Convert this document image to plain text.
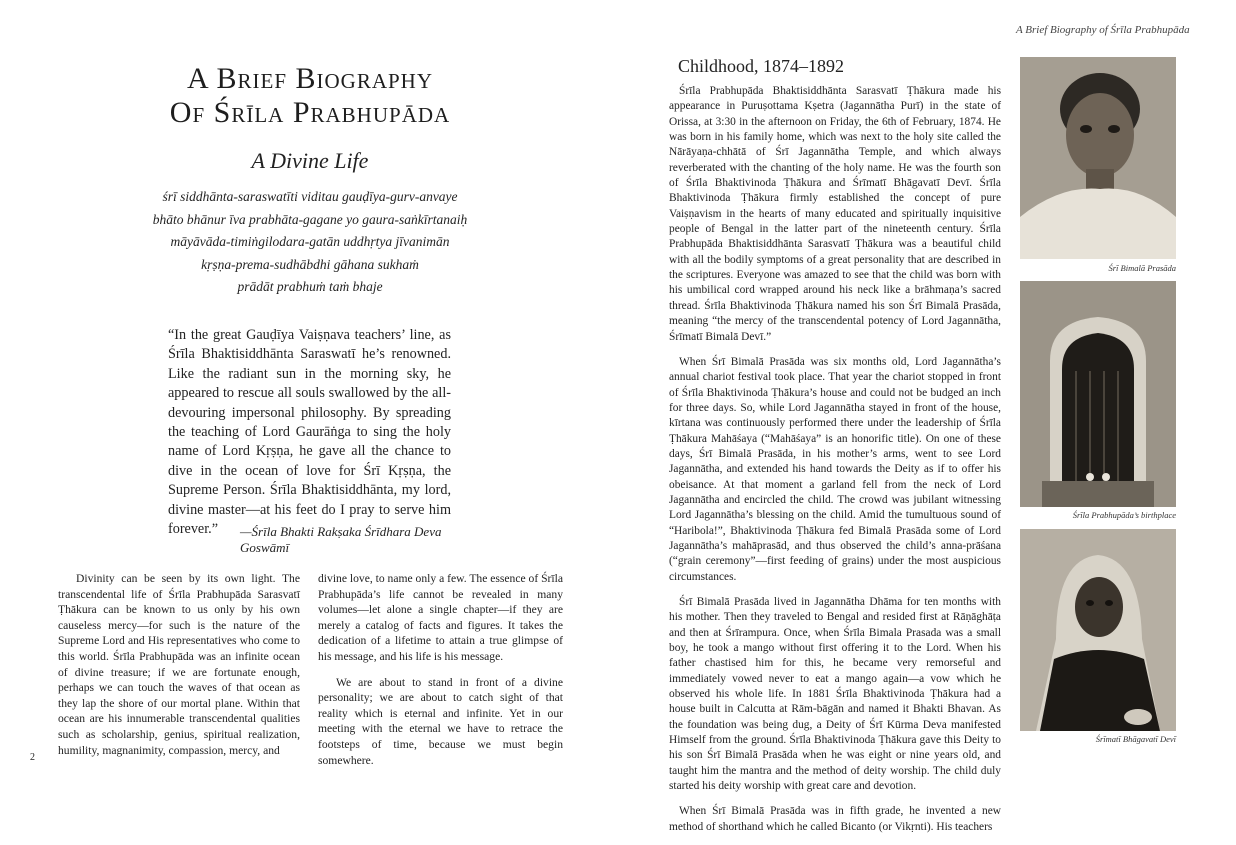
A Brief Biography of Śrīla Prabhupāda
A Brief Biography
Of Śrīla Prabhupāda
A Divine Life
śrī siddhānta-saraswatīti viditau gauḍīya-gurv-anvaye
bhāto bhānur īva prabhāta-gagane yo gaura-saṅkīrtanaiḥ
māyāvāda-timiṅgilodara-gatān uddhṛtya jīvanimān
kṛṣṇa-prema-sudhābdhi gāhana sukhaṁ
prādāt prabhuṁ taṁ bhaje
“In the great Gauḍīya Vaiṣṇava teachers’ line, as Śrīla Bhaktisiddhānta Saraswatī he’s renowned. Like the radiant sun in the morning sky, he appeared to rescue all souls swallowed by the all-devouring impersonal philosophy. By spreading the teaching of Lord Gaurāṅga to sing the holy name of Lord Kṛṣṇa, he gave all the chance to dive in the ocean of love for Śrī Kṛṣṇa, the Supreme Person. Śrīla Bhaktisiddhānta, my lord, divine master—at his feet do I pray to serve him forever.”	—Śrīla Bhakti Rakṣaka Śrīdhara Deva Goswāmī

Divinity can be seen by its own light. The transcendental life of Śrīla Prabhupāda Sarasvatī Ṭhākura can be known to us only by his own causeless mercy—for such is the nature of the Supreme Lord and His representatives who come to this world. Śrīla Prabhupāda was an infinite ocean of divine treasure; if we are fortunate enough, perhaps we can touch the waves of that ocean as they lap the shore of our mortal plane. Within that ocean are his innumerable transcendental qualities such as scholarship, genius, spiritual realization, humility, magnanimity, compassion, mercy, and

divine love, to name only a few. The essence of Śrīla Prabhupāda’s life cannot be revealed in many volumes—let alone a single chapter—if they are merely a catalog of facts and figures. It takes the dedication of a lifetime to attain a true glimpse of his message, and his life is his message.

We are about to stand in front of a divine personality; we are about to catch sight of that reality which is eternal and infinite. Yet in our meeting with the eternal we have to retrace the footsteps of time, because we must begin somewhere.

2
Childhood, 1874–1892

Śrīla Prabhupāda Bhaktisiddhānta Sarasvatī Ṭhākura made his appearance in Puruṣottama Kṣetra (Jagannātha Purī) in the state of Orissa, at 3:30 in the afternoon on Friday, the 6th of February, 1874. He was born in his family home, which was next to the holy site called the Nārāyaṇa-chhātā of Śrī Jagannātha Temple, and which always reverberated with the chanting of the holy name. He was the fourth son of Śrīla Bhaktivinoda Ṭhākura and Śrīmatī Bhāgavatī Devī. Śrīla Bhaktivinoda Ṭhākura firmly established the concept of pure Vaiṣṇavism in the hearts of many educated and spiritually inquisitive people of Bengal in the latter part of the nineteenth century. Śrīla Prabhupāda Bhaktisiddhānta Sarasvatī Ṭhākura was a beautiful child with all the bodily symptoms of a great personality that are described in the scriptures. Everyone was amazed to see that the child was born with his umbilical cord wrapped around his neck like a brāhmaṇa’s sacred thread. Śrīla Bhaktivinoda Ṭhākura named his son Śrī Bimalā Prasāda, meaning “the mercy of the transcendental potency of Lord Jagannātha, Śrīmatī Bimalā Devī.”

When Śrī Bimalā Prasāda was six months old, Lord Jagannātha’s annual chariot festival took place. That year the chariot stopped in front of Śrīla Bhaktivinoda Ṭhākura’s house and could not be budged an inch for three days. So, while Lord Jagannātha stayed in front of the house, kīrtana was continuously performed there under the leadership of Śrīla Ṭhākura Mahāśaya (“Mahāśaya” is an honorific title). On one of these days, Śrī Bimalā Prasāda, in his mother’s arms, went to see Lord Jagannātha, and extended his hand towards the Deity as if to offer his obeisance. At that moment a garland fell from the neck of Lord Jagannātha and encircled the child. The crowd was jubilant witnessing Lord Jagannātha’s blessing on the child. Amid the tumultuous sound of “Haribola!”, Bhaktivinoda Ṭhākura fed Bimalā Prasāda some of Lord Jagannātha’s mahāprasād, and thus observed the child’s anna-prāśana (“grain ceremony”—first feeding of grains) under the most auspicious circumstances.

Śrī Bimalā Prasāda lived in Jagannātha Dhāma for ten months with his mother. Then they traveled to Bengal and resided first at Rāṇāghāṭa and then at Śrīrampura. Once, when Śrīla Bimala Prasada was a small boy, he took a mango without first offering it to the Lord. When his father chastised him for this, he became very remorseful and immediately vowed never to eat a mango again—a vow which he observed his whole life. In 1881 Śrīla Bhaktivinoda Ṭhākura had a house built in Calcutta at Rām-bāgān and named it Bhakti Bhavan. As the foundation was being dug, a Deity of Śrī Kūrma Deva manifested Himself from the ground. Śrīla Bhaktivinoda Ṭhākura gave this Deity to his son Śrī Bimalā Prasāda when he was eight or nine years old, and taught him the mantra and the method of deity worship. The child duly started his deity worship with great care and devotion.

When Śrī Bimalā Prasāda was in fifth grade, he invented a new method of shorthand which he called Bicanto (or Vikṛnti). His teachers

Śrī Bimalā Prasāda
Śrīla Prabhupāda’s birthplace
Śrīmatī Bhāgavatī Devī
